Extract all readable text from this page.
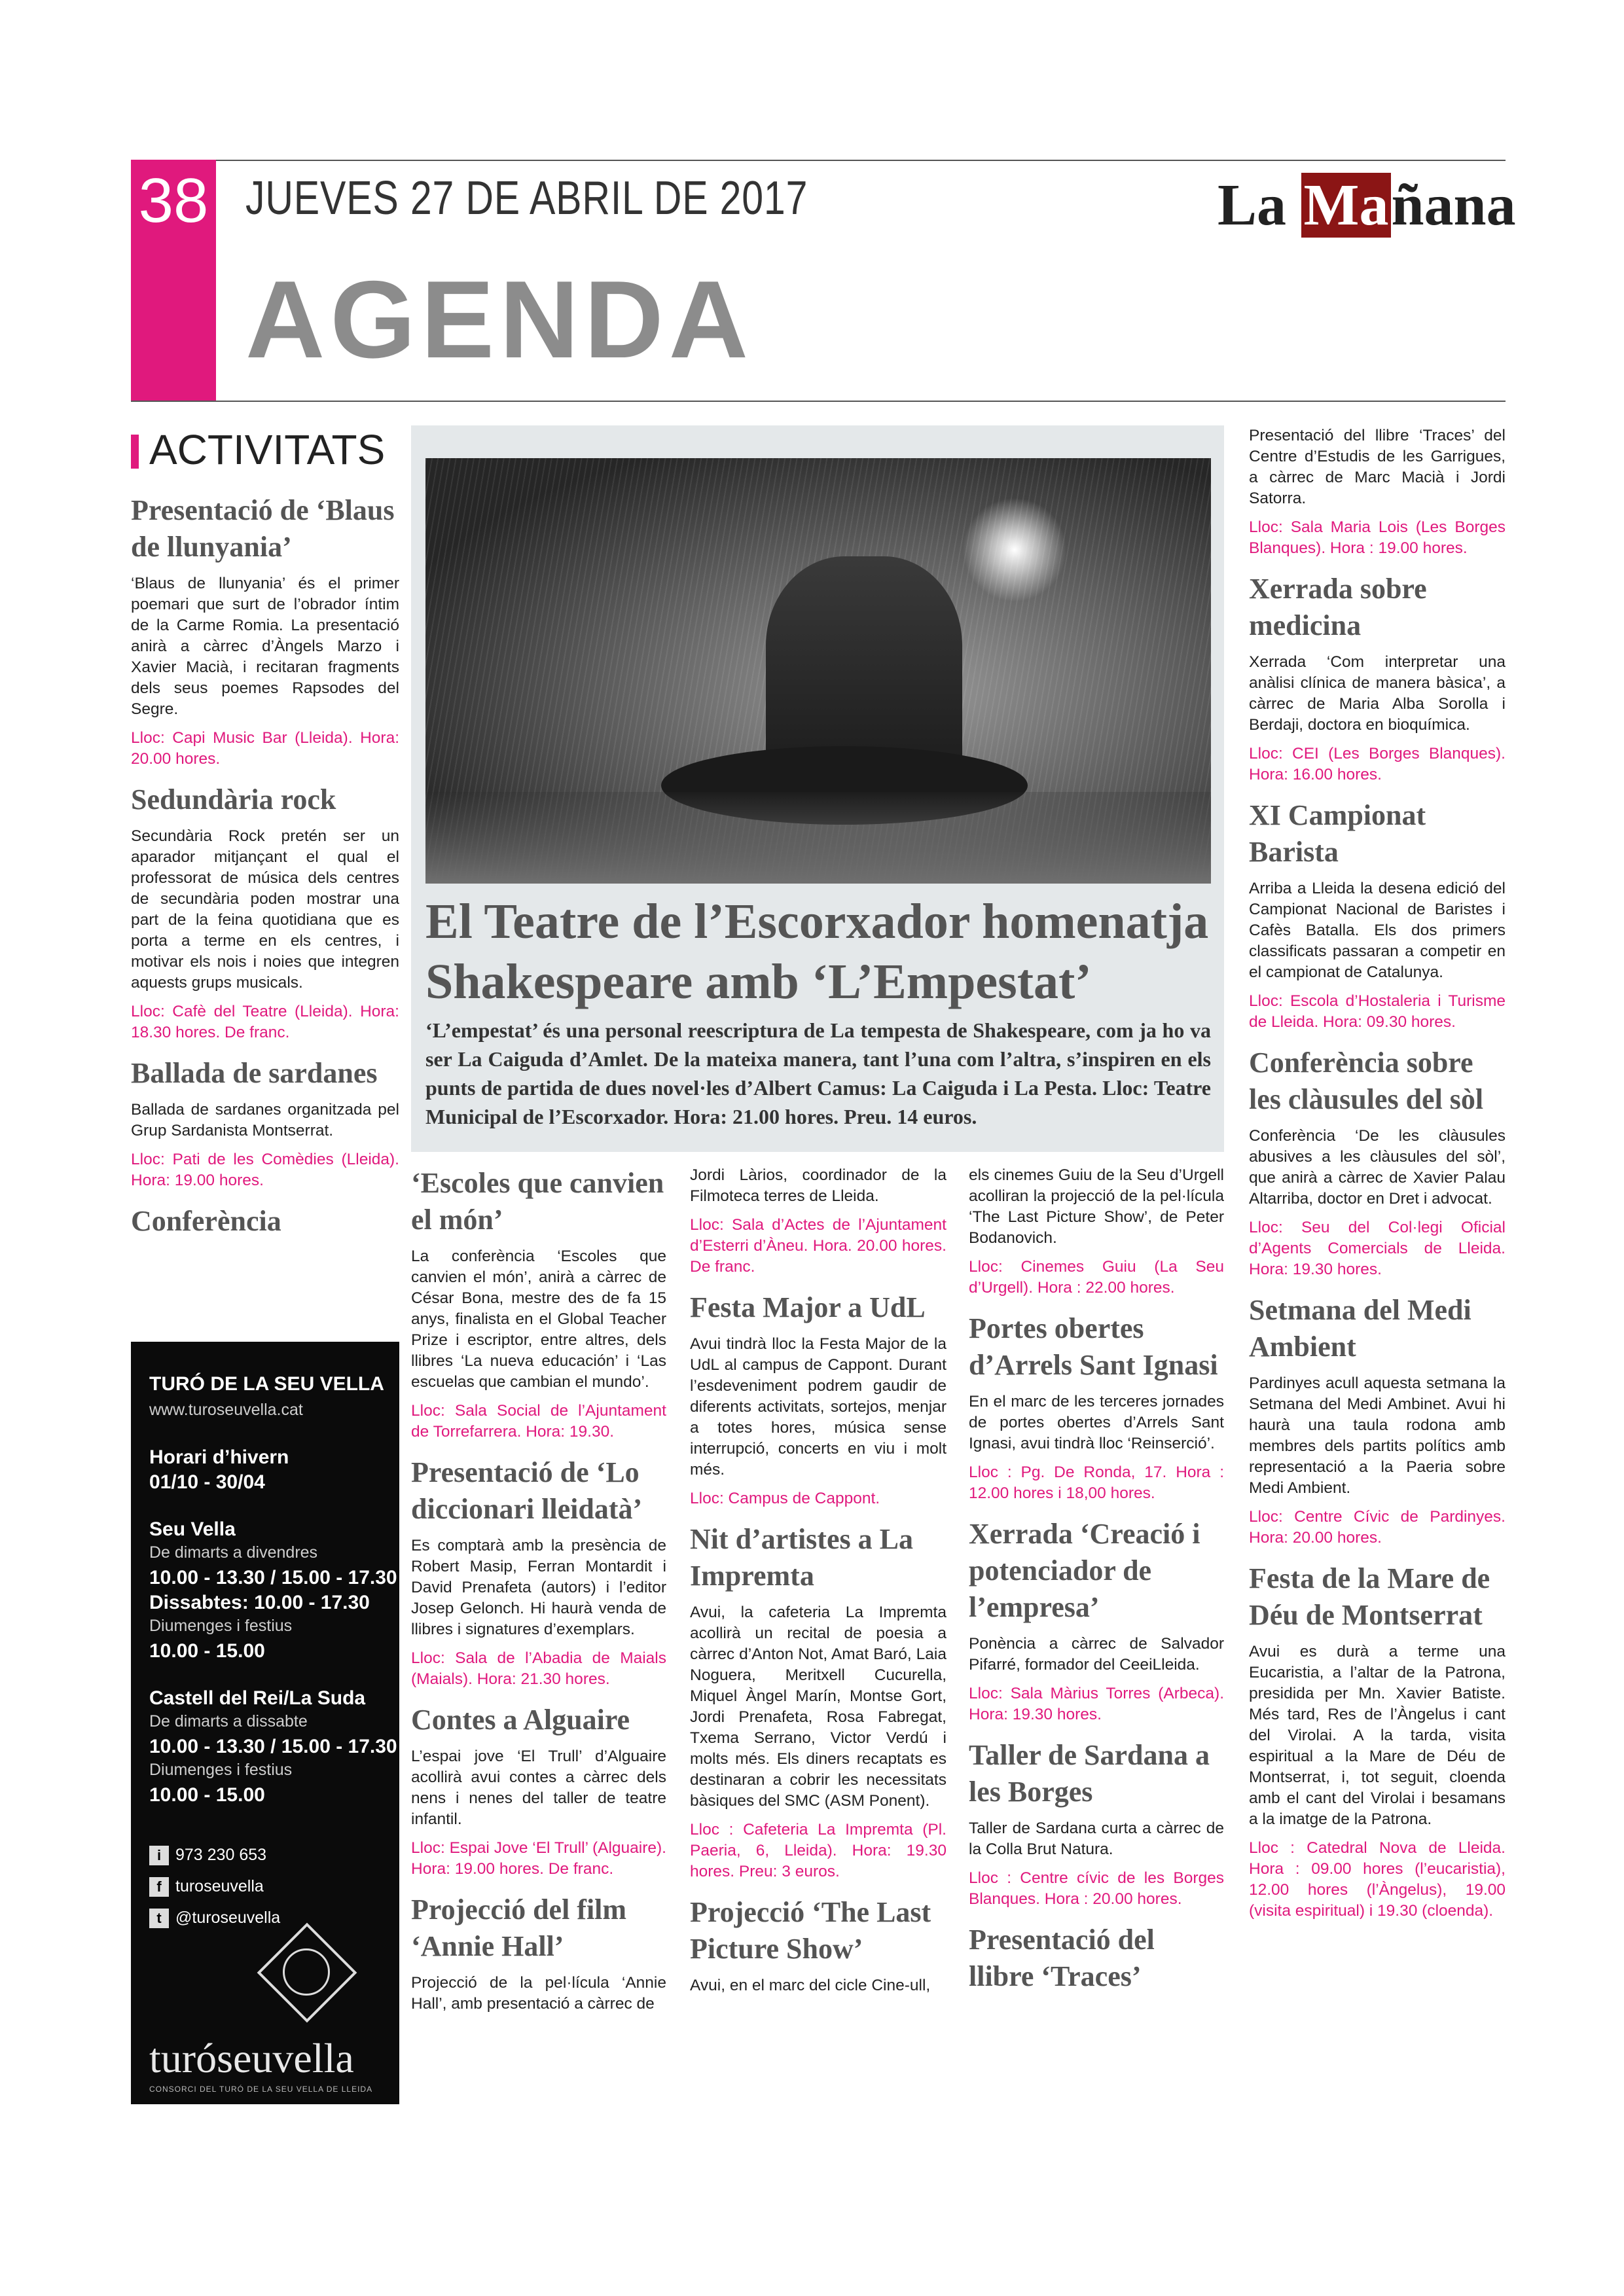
38 JUEVES 27 DE ABRIL DE 2017
AGENDA
La Mañana
ACTIVITATS
Presentació de ‘Blaus de llunyania’

‘Blaus de llunyania’ és el primer poemari que surt de l’obrador íntim de la Carme Romia. La presentació anirà a càrrec d’Àngels Marzo i Xavier Macià, i recitaran fragments dels seus poemes Rapsodes del Segre.

Lloc: Capi Music Bar (Lleida). Hora: 20.00 hores.

Sedundària rock

Secundària Rock pretén ser un aparador mitjançant el qual el professorat de música dels centres de secundària poden mostrar una part de la feina quotidiana que es porta a terme en els centres, i motivar els nois i noies que integren aquests grups musicals.

Lloc: Cafè del Teatre (Lleida). Hora: 18.30 hores. De franc.

Ballada de sardanes

Ballada de sardanes organitzada pel Grup Sardanista Montserrat.

Lloc: Pati de les Comèdies (Lleida). Hora: 19.00 hores.

Conferència
TURÓ DE LA SEU VELLA
www.turoseuvella.cat
Horari d’hivern
01/10 - 30/04
Seu Vella
De dimarts a divendres
10.00 - 13.30 / 15.00 - 17.30
Dissabtes: 10.00 - 17.30
Diumenges i festius
10.00 - 15.00
Castell del Rei/La Suda
De dimarts a dissabte
10.00 - 13.30 / 15.00 - 17.30
Diumenges i festius
10.00 - 15.00
i 973 230 653
f turoseuvella
t @turoseuvella
turóseuvella
CONSORCI DEL TURÓ DE LA SEU VELLA DE LLEIDA
El Teatre de l’Escorxador homenatja Shakespeare amb ‘L’Empestat’
‘L’empestat’ és una personal reescriptura de La tempesta de Shakespeare, com ja ho va ser La Caiguda d’Amlet. De la mateixa manera, tant l’una com l’altra, s’inspiren en els punts de partida de dues novel·les d’Albert Camus: La Caiguda i La Pesta. Lloc: Teatre Municipal de l’Escorxador. Hora: 21.00 hores. Preu. 14 euros.
‘Escoles que canvien el món’

La conferència ‘Escoles que canvien el món’, anirà a càrrec de César Bona, mestre des de fa 15 anys, finalista en el Global Teacher Prize i escriptor, entre altres, dels llibres ‘La nueva educación’ i ‘Las escuelas que cambian el mundo’.

Lloc: Sala Social de l’Ajuntament de Torrefarrera. Hora: 19.30.

Presentació de ‘Lo diccionari lleidatà’

Es comptarà amb la presència de Robert Masip, Ferran Montardit i David Prenafeta (autors) i l’editor Josep Gelonch. Hi haurà venda de llibres i signatures d’exemplars.

Lloc: Sala de l’Abadia de Maials (Maials). Hora: 21.30 hores.

Contes a Alguaire

L’espai jove ‘El Trull’ d’Alguaire acollirà avui contes a càrrec dels nens i nenes del taller de teatre infantil.

Lloc: Espai Jove ‘El Trull’ (Alguaire). Hora: 19.00 hores. De franc.

Projecció del film ‘Annie Hall’

Projecció de la pel·lícula ‘Annie Hall’, amb presentació a càrrec de

Jordi Làrios, coordinador de la Filmoteca terres de Lleida.

Lloc: Sala d’Actes de l’Ajuntament d’Esterri d’Àneu. Hora. 20.00 hores. De franc.

Festa Major a UdL

Avui tindrà lloc la Festa Major de la UdL al campus de Cappont. Durant l’esdeveniment podrem gaudir de diferents activitats, sortejos, menjar a totes hores, música sense interrupció, concerts en viu i molt més.

Lloc: Campus de Cappont.

Nit d’artistes a La Impremta

Avui, la cafeteria La Impremta acollirà un recital de poesia a càrrec d’Anton Not, Amat Baró, Laia Noguera, Meritxell Cucurella, Miquel Àngel Marín, Montse Gort, Jordi Prenafeta, Rosa Fabregat, Txema Serrano, Victor Verdú i molts més. Els diners recaptats es destinaran a cobrir les necessitats bàsiques del SMC (ASM Ponent).

Lloc : Cafeteria La Impremta (Pl. Paeria, 6, Lleida). Hora: 19.30 hores. Preu: 3 euros.

Projecció ‘The Last Picture Show’

Avui, en el marc del cicle Cine-ull,

els cinemes Guiu de la Seu d’Urgell acolliran la projecció de la pel·lícula ‘The Last Picture Show’, de Peter Bodanovich.

Lloc: Cinemes Guiu (La Seu d’Urgell). Hora : 22.00 hores.

Portes obertes d’Arrels Sant Ignasi

En el marc de les terceres jornades de portes obertes d’Arrels Sant Ignasi, avui tindrà lloc ‘Reinserció’.

Lloc : Pg. De Ronda, 17. Hora : 12.00 hores i 18,00 hores.

Xerrada ‘Creació i potenciador de l’empresa’

Ponència a càrrec de Salvador Pifarré, formador del CeeiLleida.

Lloc: Sala Màrius Torres (Arbeca). Hora: 19.30 hores.

Taller de Sardana a les Borges

Taller de Sardana curta a càrrec de la Colla Brut Natura.

Lloc : Centre cívic de les Borges Blanques. Hora : 20.00 hores.

Presentació del llibre ‘Traces’

Presentació del llibre ‘Traces’ del Centre d’Estudis de les Garrigues, a càrrec de Marc Macià i Jordi Satorra.

Lloc: Sala Maria Lois (Les Borges Blanques). Hora : 19.00 hores.

Xerrada sobre medicina

Xerrada ‘Com interpretar una anàlisi clínica de manera bàsica’, a càrrec de Maria Alba Sorolla i Berdaji, doctora en bioquímica.

Lloc: CEI (Les Borges Blanques). Hora: 16.00 hores.

XI Campionat Barista

Arriba a Lleida la desena edició del Campionat Nacional de Baristes i Cafès Batalla. Els dos primers classificats passaran a competir en el campionat de Catalunya.

Lloc: Escola d’Hostaleria i Turisme de Lleida. Hora: 09.30 hores.

Conferència sobre les clàusules del sòl

Conferència ‘De les clàusules abusives a les clàusules del sòl’, que anirà a càrrec de Xavier Palau Altarriba, doctor en Dret i advocat.

Lloc: Seu del Col·legi Oficial d’Agents Comercials de Lleida. Hora: 19.30 hores.

Setmana del Medi Ambient

Pardinyes acull aquesta setmana la Setmana del Medi Ambinet. Avui hi haurà una taula rodona amb membres dels partits polítics amb representació a la Paeria sobre Medi Ambient.

Lloc: Centre Cívic de Pardinyes. Hora: 20.00 hores.

Festa de la Mare de Déu de Montserrat

Avui es durà a terme una Eucaristia, a l’altar de la Patrona, presidida per Mn. Xavier Batiste. Més tard, Res de l’Àngelus i cant del Virolai. A la tarda, visita espiritual a la Mare de Déu de Montserrat, i, tot seguit, cloenda amb el cant del Virolai i besamans a la imatge de la Patrona.

Lloc : Catedral Nova de Lleida. Hora : 09.00 hores (l’eucaristia), 12.00 hores (l’Àngelus), 19.00 (visita espiritual) i 19.30 (cloenda).
